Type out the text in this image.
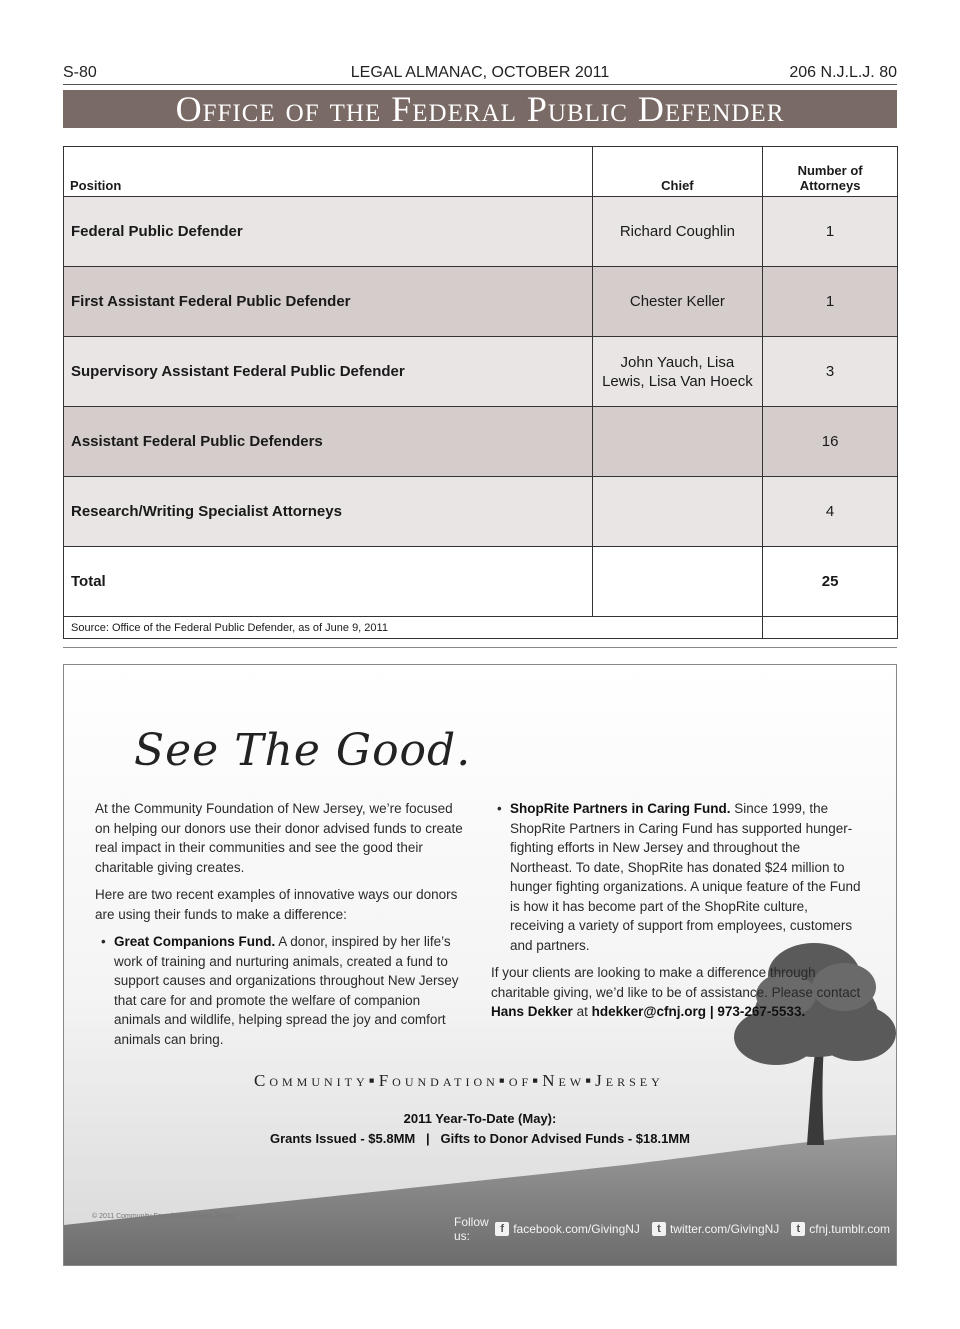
S-80	LEGAL ALMANAC, OCTOBER 2011	206 N.J.L.J. 80
Office of the Federal Public Defender
Position	Chief	Number of Attorneys
Federal Public Defender	Richard Coughlin	1
First Assistant Federal Public Defender	Chester Keller	1
Supervisory Assistant Federal Public Defender	John Yauch, Lisa Lewis, Lisa Van Hoeck	3
Assistant Federal Public Defenders		16
Research/Writing Specialist Attorneys		4
Total		25
Source: Office of the Federal Public Defender, as of June 9, 2011		
See The Good.

At the Community Foundation of New Jersey, we’re focused on helping our donors use their donor advised funds to create real impact in their communities and see the good their charitable giving creates.

Here are two recent examples of innovative ways our donors are using their funds to make a difference:

• Great Companions Fund. A donor, inspired by her life’s work of training and nurturing animals, created a fund to support causes and organizations throughout New Jersey that care for and promote the welfare of companion animals and wildlife, helping spread the joy and comfort animals can bring.

• ShopRite Partners in Caring Fund. Since 1999, the ShopRite Partners in Caring Fund has supported hunger-fighting efforts in New Jersey and throughout the Northeast. To date, ShopRite has donated $24 million to hunger fighting organizations. A unique feature of the Fund is how it has become part of the ShopRite culture, receiving a variety of support from employees, customers and partners.

If your clients are looking to make a difference through charitable giving, we’d like to be of assistance. Please contact Hans Dekker at hdekker@cfnj.org | 973-267-5533.

Community▪Foundation▪of▪New▪Jersey
2011 Year-To-Date (May):
Grants Issued - $5.8MM   |   Gifts to Donor Advised Funds - $18.1MM
© 2011 Community Foundation of New Jersey	Follow us:	f facebook.com/GivingNJ	t twitter.com/GivingNJ	t cfnj.tumblr.com
